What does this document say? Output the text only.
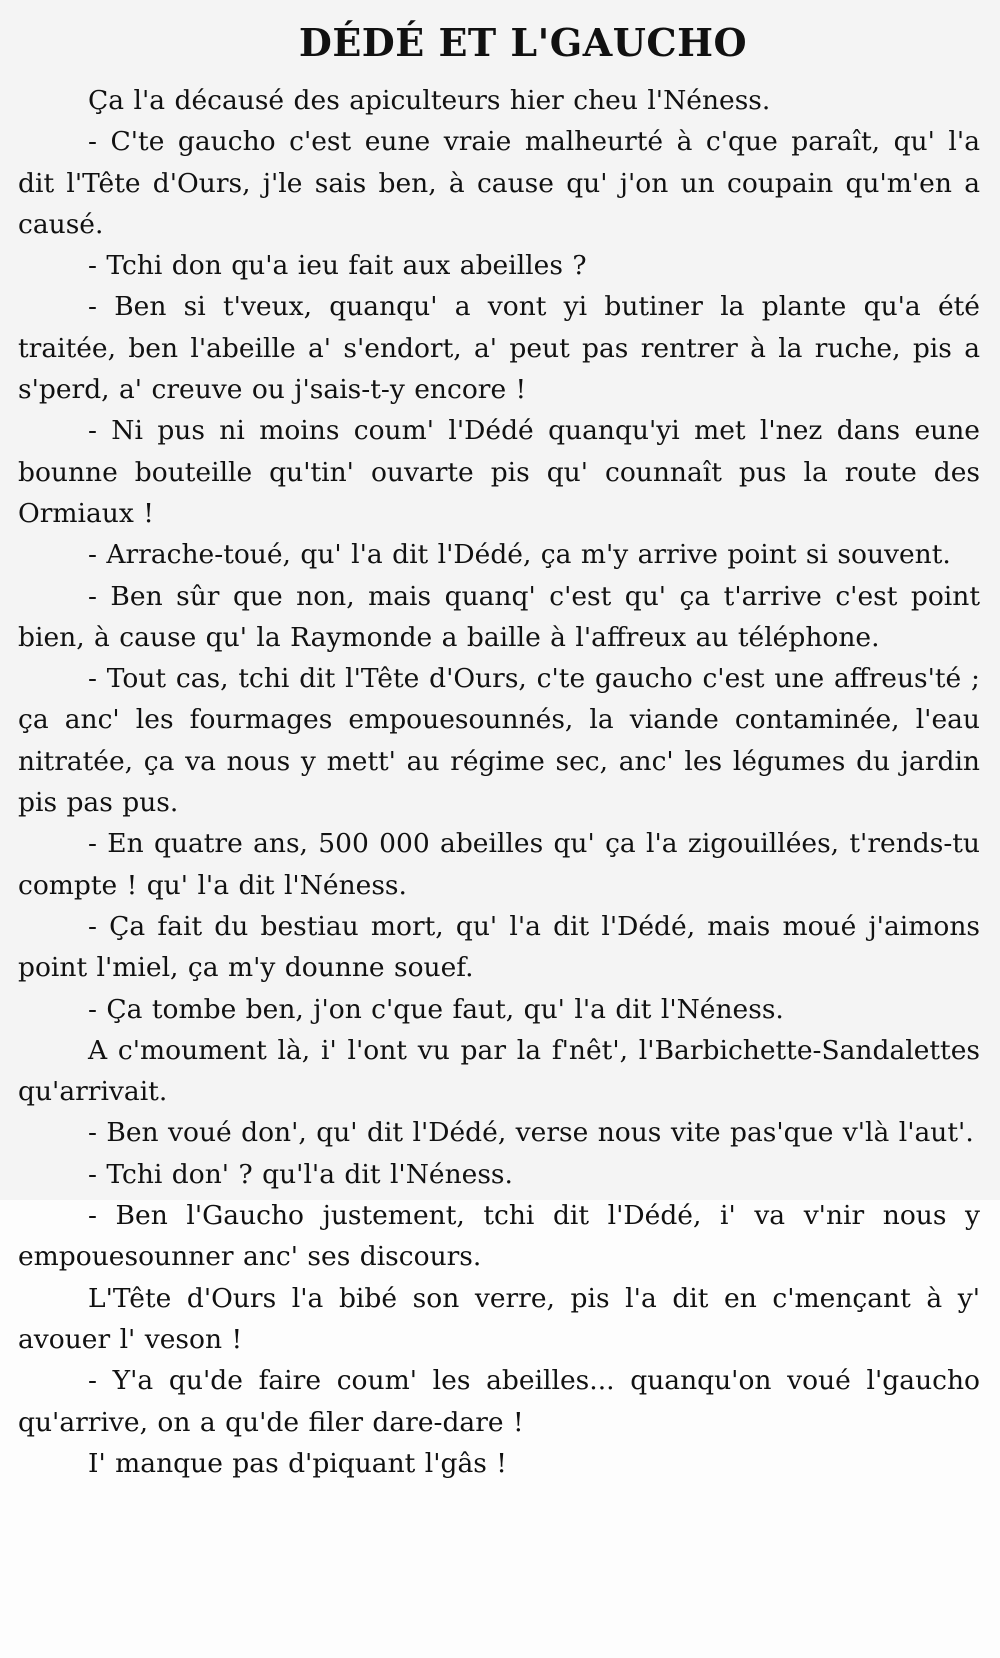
DÉDÉ ET L'GAUCHO

Ça l'a décausé des apiculteurs hier cheu l'Néness.

- C'te gaucho c'est eune vraie malheurté à c'que paraît, qu' l'a dit l'Tête d'Ours, j'le sais ben, à cause qu' j'on un coupain qu'm'en a causé.

- Tchi don qu'a ieu fait aux abeilles ?

- Ben si t'veux, quanqu' a vont yi butiner la plante qu'a été traitée, ben l'abeille a' s'endort, a' peut pas rentrer à la ruche, pis a s'perd, a' creuve ou j'sais-t-y encore !

- Ni pus ni moins coum' l'Dédé quanqu'yi met l'nez dans eune bounne bouteille qu'tin' ouvarte pis qu' counnaît pus la route des Ormiaux !

- Arrache-toué, qu' l'a dit l'Dédé, ça m'y arrive point si souvent.

- Ben sûr que non, mais quanq' c'est qu' ça t'arrive c'est point bien, à cause qu' la Raymonde a baille à l'affreux au téléphone.

- Tout cas, tchi dit l'Tête d'Ours, c'te gaucho c'est une affreus'té ; ça anc' les fourmages empouesounnés, la viande contaminée, l'eau nitratée, ça va nous y mett' au régime sec, anc' les légumes du jardin pis pas pus.

- En quatre ans, 500 000 abeilles qu' ça l'a zigouillées, t'rends-tu compte ! qu' l'a dit l'Néness.

- Ça fait du bestiau mort, qu' l'a dit l'Dédé, mais moué j'aimons point l'miel, ça m'y dounne souef.

- Ça tombe ben, j'on c'que faut, qu' l'a dit l'Néness.

A c'moument là, i' l'ont vu par la f'nêt', l'Barbichette-Sandalettes qu'arrivait.

- Ben voué don', qu' dit l'Dédé, verse nous vite pas'que v'là l'aut'.

- Tchi don' ? qu'l'a dit l'Néness.

- Ben l'Gaucho justement, tchi dit l'Dédé, i' va v'nir nous y empouesounner anc' ses discours.

L'Tête d'Ours l'a bibé son verre, pis l'a dit en c'mençant à y' avouer l' veson !

- Y'a qu'de faire coum' les abeilles... quanqu'on voué l'gaucho qu'arrive, on a qu'de filer dare-dare !

I' manque pas d'piquant l'gâs !
